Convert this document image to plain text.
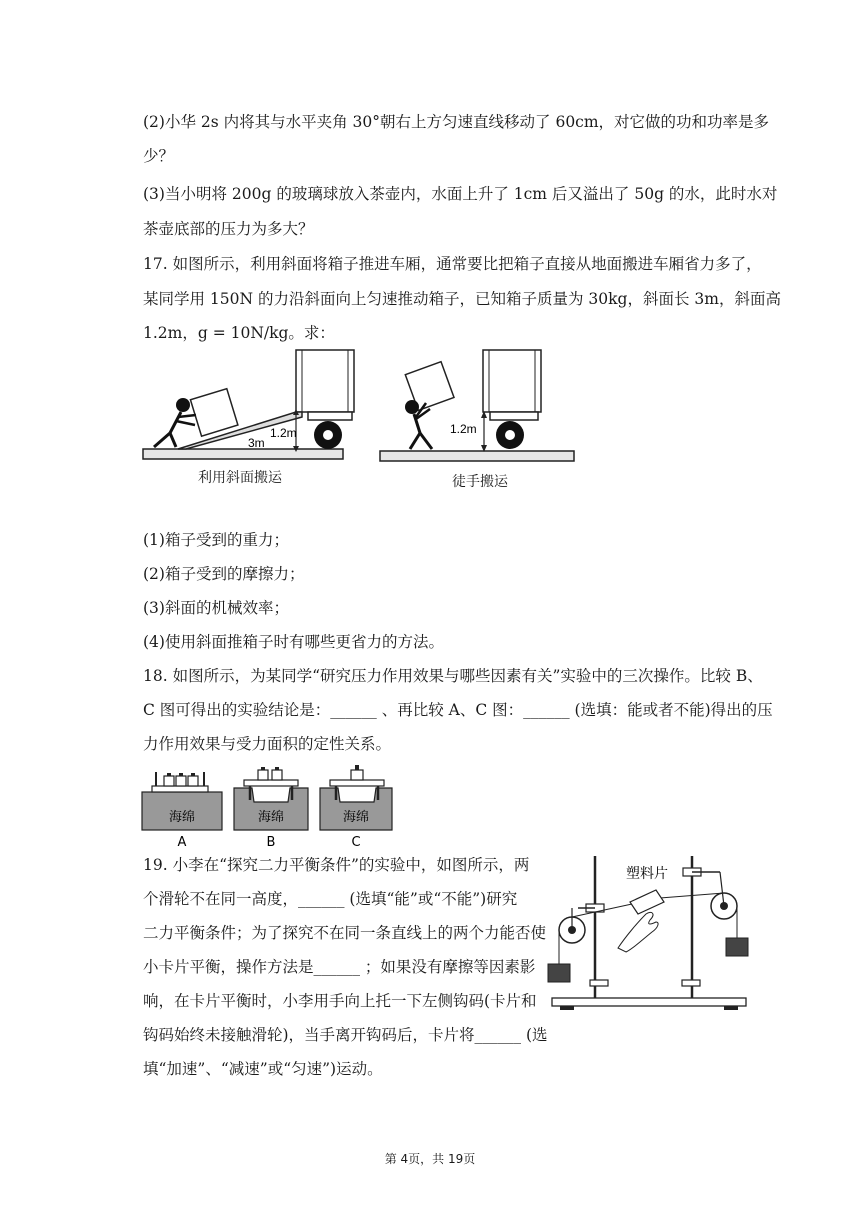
(2)小华 2s 内将其与水平夹角 30°朝右上方匀速直线移动了 60cm，对它做的功和功率是多
少？
(3)当小明将 200g 的玻璃球放入茶壶内，水面上升了 1cm 后又溢出了 50g 的水，此时水对
茶壶底部的压力为多大？
17. 如图所示，利用斜面将箱子推进车厢，通常要比把箱子直接从地面搬进车厢省力多了，
某同学用 150N 的力沿斜面向上匀速推动箱子，已知箱子质量为 30kg，斜面长 3m，斜面高
1.2m，g = 10N/kg。求：
1.2m
3m
1.2m
利用斜面搬运	徒手搬运
(1)箱子受到的重力；
(2)箱子受到的摩擦力；
(3)斜面的机械效率；
(4)使用斜面推箱子时有哪些更省力的方法。
18. 如图所示，为某同学“研究压力作用效果与哪些因素有关”实验中的三次操作。比较 B、
C 图可得出的实验结论是：______ 、再比较 A、C 图：______ (选填：能或者不能)得出的压
力作用效果与受力面积的定性关系。
海绵	海绵	海绵
A	B	C
19. 小李在“探究二力平衡条件”的实验中，如图所示，两
个滑轮不在同一高度，______ (选填“能”或“不能”)研究
二力平衡条件；为了探究不在同一条直线上的两个力能否使
小卡片平衡，操作方法是______ ；如果没有摩擦等因素影
响，在卡片平衡时，小李用手向上托一下左侧钩码(卡片和
钩码始终未接触滑轮)，当手离开钩码后，卡片将______ (选
填“加速”、“减速”或“匀速”)运动。
塑料片
第 4页，共 19页
